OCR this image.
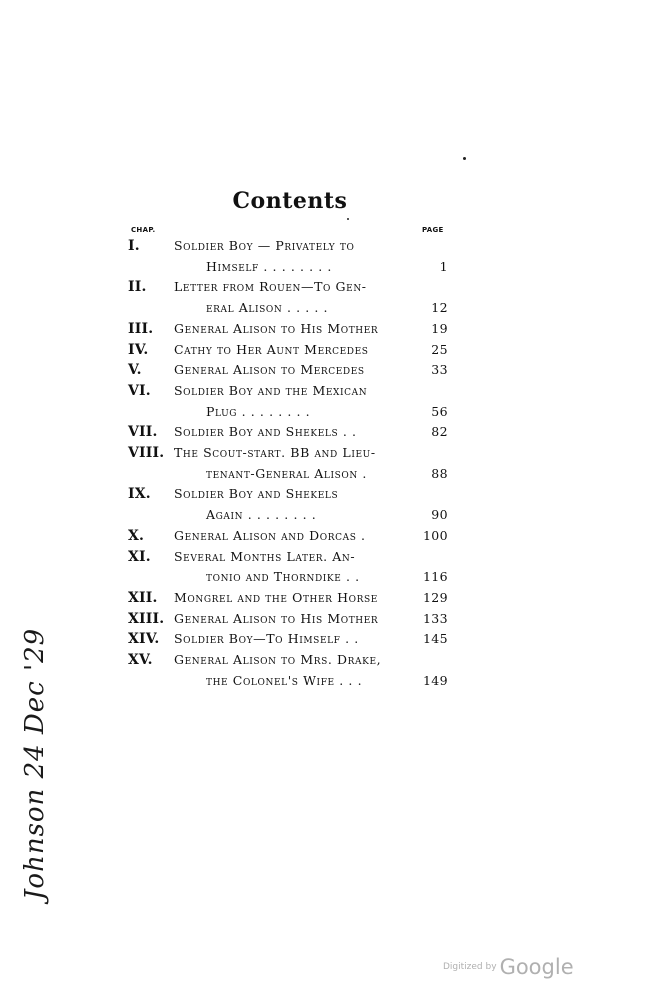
Contents
CHAP.	PAGE
I.	Soldier Boy — Privately to
Himself . . . . . . . .	1
II.	Letter from Rouen—To Gen-
eral Alison . . . . .	12
III.	General Alison to His Mother	19
IV.	Cathy to Her Aunt Mercedes	25
V.	General Alison to Mercedes	33
VI.	Soldier Boy and the Mexican
Plug . . . . . . . .	56
VII.	Soldier Boy and Shekels . .	82
VIII. The Scout-start. BB and Lieu-
tenant-General Alison .	88
IX.	Soldier Boy and Shekels
Again . . . . . . . .	90
X.	General Alison and Dorcas .	100
XI.	Several Months Later. An-
tonio and Thorndike . .	116
XII.	Mongrel and the Other Horse	129
XIII. General Alison to His Mother	133
XIV.	Soldier Boy—To Himself . .	145
XV.	General Alison to Mrs. Drake,
the Colonel's Wife . . .	149
Johnson 24 Dec '29
Digitized by Google
